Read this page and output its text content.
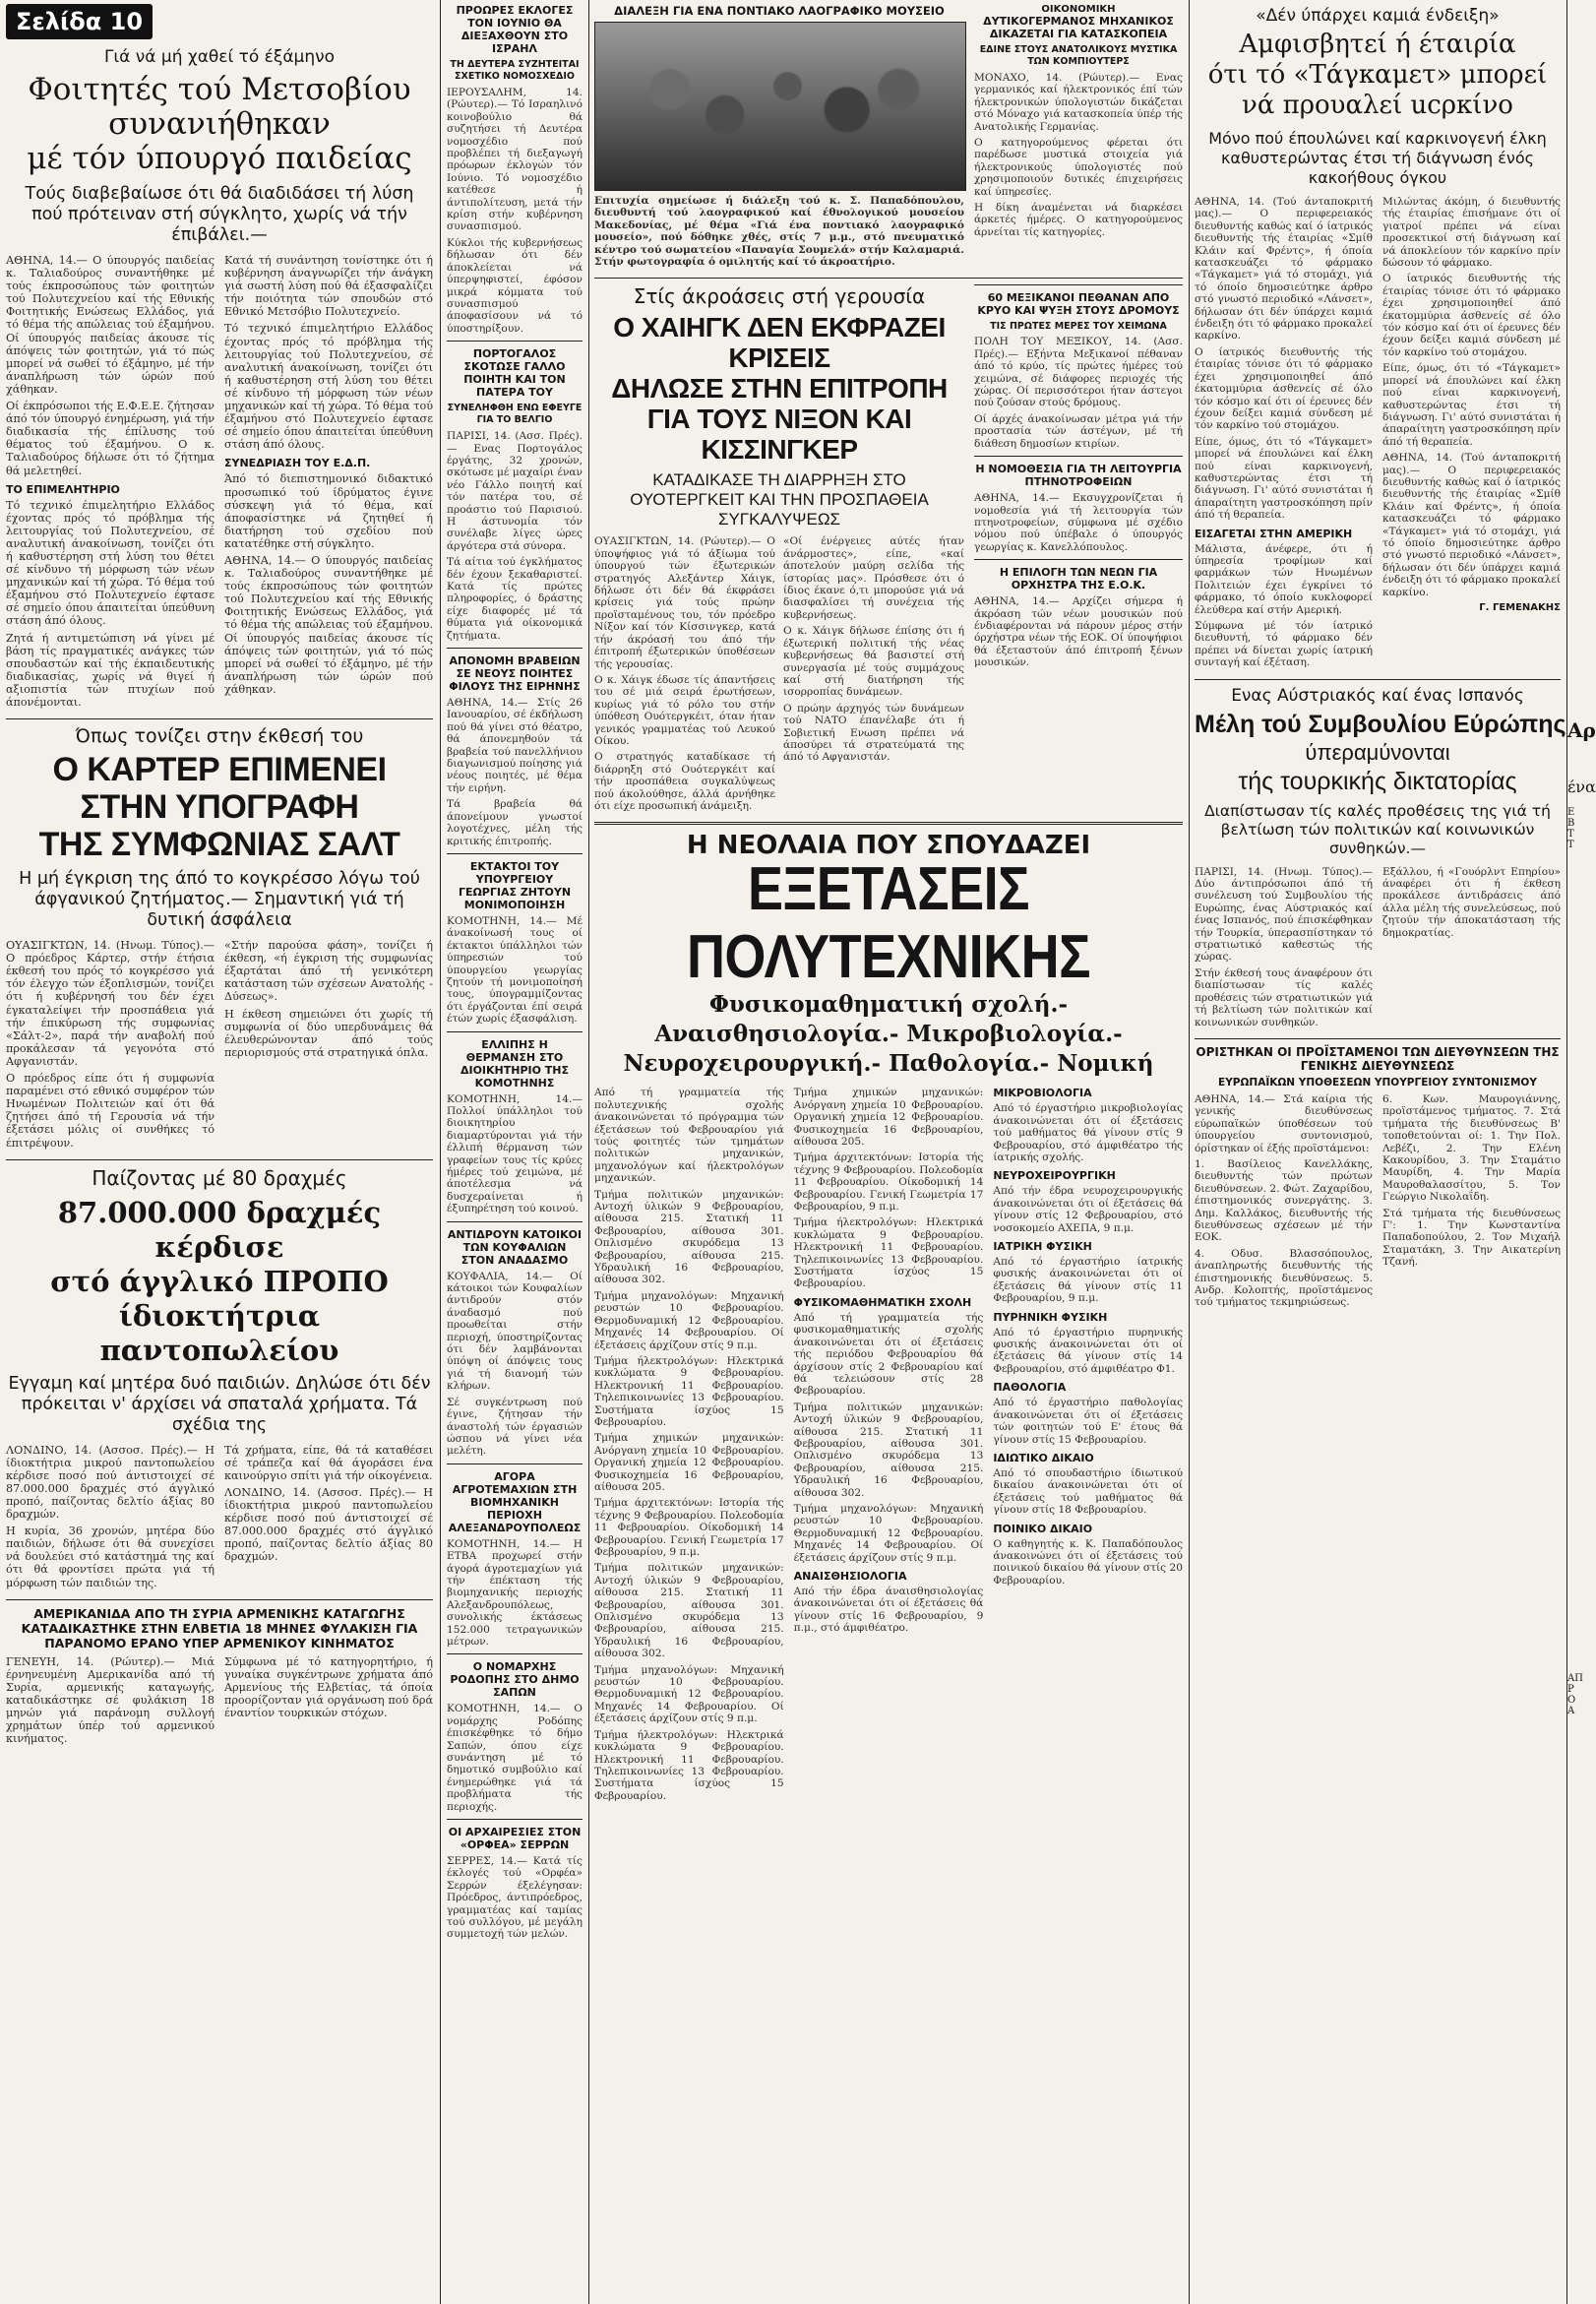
Σελίδα 10
Γιά νά μή χαθεί τό έξάμηνο
Φοιτητές τού Μετσοβίου
συνανιήθηκαν
μέ τόν ύπουργό παιδείας
Τούς διαβεβαίωσε ότι θά διαδιδάσει τή λύση πού πρότειναν στή σύγκλητο, χωρίς νά τήν έπιβάλει.—

ΑΘΗΝΑ, 14.— Ο ύπουργός παιδείας κ. Ταλιαδούρος συναντήθηκε μέ τούς έκπροσώπους τών φοιτητών τού Πολυτεχνείου καί τής Εθνικής Φοιτητικής Ενώσεως Ελλάδος, γιά τό θέμα τής απώλειας τού έξαμήνου. Οί ύπουργός παιδείας άκουσε τίς άπόψεις τών φοιτητών, γιά τό πώς μπορεί νά σωθεί τό έξάμηνο, μέ τήν άναπλήρωση τών ώρών πού χάθηκαν.

Οί έκπρόσωποι τής Ε.Φ.Ε.Ε. ζήτησαν άπό τόν ύπουργό ένημέρωση, γιά τήν διαδικασία τής έπίλυσης τού θέματος τού έξαμήνου. Ο κ. Ταλιαδούρος δήλωσε ότι τό ζήτημα θά μελετηθεί.

ΤΟ ΕΠΙΜΕΛΗΤΗΡΙΟ

Τό τεχνικό έπιμελητήριο Ελλάδος έχοντας πρός τό πρόβλημα τής λειτουργίας τού Πολυτεχνείου, σέ αναλυτική άνακοίνωση, τονίζει ότι ή καθυστέρηση στή λύση του θέτει σέ κίνδυνο τή μόρφωση τών νέων μηχανικών καί τή χώρα. Τό θέμα τού έξαμήνου στό Πολυτεχνείο έφτασε σέ σημείο όπου άπαιτείται ύπεύθυνη στάση άπό όλους.

Ζητά ή αντιμετώπιση νά γίνει μέ βάση τίς πραγματικές ανάγκες τών σπουδαστών καί τής έκπαιδευτικής διαδικασίας, χωρίς νά θιγεί ή αξιοπιστία τών πτυχίων πού άπονέμονται.

Κατά τή συνάντηση τονίστηκε ότι ή κυβέρνηση άναγνωρίζει τήν άνάγκη γιά σωστή λύση πού θά έξασφαλίζει τήν ποιότητα τών σπουδών στό Εθνικό Μετσόβιο Πολυτεχνείο.

Τό τεχνικό έπιμελητήριο Ελλάδος έχοντας πρός τό πρόβλημα τής λειτουργίας τού Πολυτεχνείου, σέ αναλυτική άνακοίνωση, τονίζει ότι ή καθυστέρηση στή λύση του θέτει σέ κίνδυνο τή μόρφωση τών νέων μηχανικών καί τή χώρα. Τό θέμα τού έξαμήνου στό Πολυτεχνείο έφτασε σέ σημείο όπου άπαιτείται ύπεύθυνη στάση άπό όλους.

ΣΥΝΕΔΡΙΑΣΗ ΤΟΥ Ε.Δ.Π.

Άπό τό διεπιστημονικό διδακτικό προσωπικό τού ίδρύματος έγινε σύσκεψη γιά τό θέμα, καί άποφασίστηκε νά ζητηθεί ή διατήρηση τού σχεδίου πού κατατέθηκε στή σύγκλητο.

ΑΘΗΝΑ, 14.— Ο ύπουργός παιδείας κ. Ταλιαδούρος συναντήθηκε μέ τούς έκπροσώπους τών φοιτητών τού Πολυτεχνείου καί τής Εθνικής Φοιτητικής Ενώσεως Ελλάδος, γιά τό θέμα τής απώλειας τού έξαμήνου. Οί ύπουργός παιδείας άκουσε τίς άπόψεις τών φοιτητών, γιά τό πώς μπορεί νά σωθεί τό έξάμηνο, μέ τήν άναπλήρωση τών ώρών πού χάθηκαν.

Όπως τονίζει στην έκθεσή του
Ο ΚΑΡΤΕΡ ΕΠΙΜΕΝΕΙ
ΣΤΗΝ ΥΠΟΓΡΑΦΗ
ΤΗΣ ΣΥΜΦΩΝΙΑΣ ΣΑΛΤ
Η μή έγκριση της άπό το κογκρέσσο λόγω τού άφγανικού ζητήματος.— Σημαντική γιά τή δυτική άσφάλεια

ΟΥΑΣΙΓΚΤΩΝ, 14. (Ηνωμ. Τύπος).— Ο πρόεδρος Κάρτερ, στήν έτήσια έκθεσή του πρός τό κογκρέσσο γιά τόν έλεγχο τών έξοπλισμών, τονίζει ότι ή κυβέρνησή του δέν έχει έγκαταλείψει τήν προσπάθεια γιά τήν έπικύρωση τής συμφωνίας «Σάλτ-2», παρά τήν αναβολή πού προκάλεσαν τά γεγονότα στό Αφγανιστάν.

Ο πρόεδρος είπε ότι ή συμφωνία παραμένει στό εθνικό συμφέρον τών Ηνωμένων Πολιτειών καί ότι θά ζητήσει άπό τή Γερουσία νά τήν έξετάσει μόλις οί συνθήκες τό έπιτρέψουν.

«Στήν παρούσα φάση», τονίζει ή έκθεση, «ή έγκριση τής συμφωνίας έξαρτάται άπό τή γενικότερη κατάσταση τών σχέσεων Ανατολής - Δύσεως».

Η έκθεση σημειώνει ότι χωρίς τή συμφωνία οί δύο υπερδυνάμεις θά έλευθερώνονταν άπό τούς περιορισμούς στά στρατηγικά όπλα.

Παίζοντας μέ 80 δραχμές
87.000.000 δραχμές κέρδισε
στό άγγλικό ΠΡΟΠΟ
ίδιοκτήτρια παντοπωλείου
Εγγαμη καί μητέρα δυό παιδιών. Δηλώσε ότι δέν πρόκειται ν' άρχίσει νά σπαταλά χρήματα. Τά σχέδια της

ΛΟΝΔΙΝΟ, 14. (Ασσοσ. Πρές).— Η ίδιοκτήτρια μικρού παντοπωλείου κέρδισε ποσό πού άντιστοιχεί σέ 87.000.000 δραχμές στό άγγλικό προπό, παίζοντας δελτίο άξίας 80 δραχμών.

Η κυρία, 36 χρονών, μητέρα δύο παιδιών, δήλωσε ότι θά συνεχίσει νά δουλεύει στό κατάστημά της καί ότι θά φροντίσει πρώτα γιά τή μόρφωση τών παιδιών της.

Τά χρήματα, είπε, θά τά καταθέσει σέ τράπεζα καί θά άγοράσει ένα καινούργιο σπίτι γιά τήν οίκογένεια.

ΛΟΝΔΙΝΟ, 14. (Ασσοσ. Πρές).— Η ίδιοκτήτρια μικρού παντοπωλείου κέρδισε ποσό πού άντιστοιχεί σέ 87.000.000 δραχμές στό άγγλικό προπό, παίζοντας δελτίο άξίας 80 δραχμών.

ΑΜΕΡΙΚΑΝΙΔΑ ΑΠΟ ΤΗ ΣΥΡΙΑ ΑΡΜΕΝΙΚΗΣ ΚΑΤΑΓΩΓΗΣ ΚΑΤΑΔΙΚΑΣΤΗΚΕ ΣΤΗΝ ΕΛΒΕΤΙΑ 18 ΜΗΝΕΣ ΦΥΛΑΚΙΣΗ ΓΙΑ ΠΑΡΑΝΟΜΟ ΕΡΑΝΟ ΥΠΕΡ ΑΡΜΕΝΙΚΟΥ ΚΙΝΗΜΑΤΟΣ

ΓΕΝΕΥΗ, 14. (Ρώυτερ).— Μιά έρνηνευμένη Αμερικανίδα από τή Συρία, αρμενικής καταγωγής, καταδικάστηκε σέ φυλάκιση 18 μηνών γιά παράνομη συλλογή χρημάτων ύπέρ τού αρμενικού κινήματος.

Σύμφωνα μέ τό κατηγορητήριο, ή γυναίκα συγκέντρωνε χρήματα άπό Αρμενίους τής Ελβετίας, τά όποία προορίζονταν γιά οργάνωση πού δρά έναντίον τουρκικών στόχων.

ΠΡΟΩΡΕΣ ΕΚΛΟΓΕΣ ΤΟΝ ΙΟΥΝΙΟ ΘΑ ΔΙΕΞΑΧΘΟΥΝ ΣΤΟ ΙΣΡΑΗΛ
ΤΗ ΔΕΥΤΕΡΑ ΣΥΖΗΤΕΙΤΑΙ ΣΧΕΤΙΚΟ ΝΟΜΟΣΧΕΔΙΟ

ΙΕΡΟΥΣΑΛΗΜ, 14. (Ρώυτερ).— Τό Ισραηλινό κοινοβούλιο θά συζητήσει τή Δευτέρα νομοσχέδιο πού προβλέπει τή διεξαγωγή πρόωρων έκλογών τόν Ιούνιο. Τό νομοσχέδιο κατέθεσε ή άντιπολίτευση, μετά τήν κρίση στήν κυβέρνηση συνασπισμού.

Κύκλοι τής κυβερνήσεως δήλωσαν ότι δέν άποκλείεται νά ύπερψηφιστεί, έφόσον μικρά κόμματα τού συνασπισμού άποφασίσουν νά τό ύποστηρίξουν.

ΠΟΡΤΟΓΑΛΟΣ ΣΚΟΤΩΣΕ ΓΑΛΛΟ ΠΟΙΗΤΗ ΚΑΙ ΤΟΝ ΠΑΤΕΡΑ ΤΟΥ
ΣΥΝΕΛΗΦΘΗ ΕΝΩ ΕΦΕΥΓΕ ΓΙΑ ΤΟ ΒΕΛΓΙΟ

ΠΑΡΙΣΙ, 14. (Ασσ. Πρές).— Ενας Πορτογάλος έργάτης, 32 χρονών, σκότωσε μέ μαχαίρι έναν νέο Γάλλο ποιητή καί τόν πατέρα του, σέ προάστιο τού Παρισιού. Η άστυνομία τόν συνέλαβε λίγες ώρες άργότερα στά σύνορα.

Τά αίτια τού έγκλήματος δέν έχουν ξεκαθαριστεί. Κατά τίς πρώτες πληροφορίες, ό δράστης είχε διαφορές μέ τά θύματα γιά οίκονομικά ζητήματα.

ΑΠΟΝΟΜΗ ΒΡΑΒΕΙΩΝ ΣΕ ΝΕΟΥΣ ΠΟΙΗΤΕΣ ΦΙΛΟΥΣ ΤΗΣ ΕΙΡΗΝΗΣ

ΑΘΗΝΑ, 14.— Στίς 26 Ιανουαρίου, σέ έκδήλωση πού θά γίνει στό θέατρο, θά άπονεμηθούν τά βραβεία τού πανελλήνιου διαγωνισμού ποίησης γιά νέους ποιητές, μέ θέμα τήν ειρήνη.

Τά βραβεία θά άπονείμουν γνωστοί λογοτέχνες, μέλη τής κριτικής έπιτροπής.

ΕΚΤΑΚΤΟΙ ΤΟΥ ΥΠΟΥΡΓΕΙΟΥ ΓΕΩΡΓΙΑΣ ΖΗΤΟΥΝ ΜΟΝΙΜΟΠΟΙΗΣΗ

ΚΟΜΟΤΗΝΗ, 14.— Μέ άνακοίνωσή τους οί έκτακτοι ύπάλληλοι τών ύπηρεσιών τού ύπουργείου γεωργίας ζητούν τή μονιμοποίησή τους, ύπογραμμίζοντας ότι έργάζονται έπί σειρά έτών χωρίς έξασφάλιση.

ΕΛΛΙΠΗΣ Η ΘΕΡΜΑΝΣΗ ΣΤΟ ΔΙΟΙΚΗΤΗΡΙΟ ΤΗΣ ΚΟΜΟΤΗΝΗΣ

ΚΟΜΟΤΗΝΗ, 14.— Πολλοί ύπάλληλοι τού διοικητηρίου διαμαρτύρονται γιά τήν έλλιπή θέρμανση τών γραφείων τους τίς κρύες ήμέρες τού χειμώνα, μέ άποτέλεσμα νά δυσχεραίνεται ή έξυπηρέτηση τού κοινού.

ΑΝΤΙΔΡΟΥΝ ΚΑΤΟΙΚΟΙ ΤΩΝ ΚΟΥΦΑΛΙΩΝ ΣΤΟΝ ΑΝΑΔΑΣΜΟ

ΚΟΥΦΑΛΙΑ, 14.— Οί κάτοικοι τών Κουφαλίων άντιδρούν στόν άναδασμό πού προωθείται στήν περιοχή, ύποστηρίζοντας ότι δέν λαμβάνονται ύπόψη οί άπόψεις τους γιά τή διανομή τών κλήρων.

Σέ συγκέντρωση πού έγινε, ζήτησαν τήν άναστολή τών έργασιών ώσπου νά γίνει νέα μελέτη.

ΑΓΟΡΑ ΑΓΡΟΤΕΜΑΧΙΩΝ ΣΤΗ ΒΙΟΜΗΧΑΝΙΚΗ ΠΕΡΙΟΧΗ ΑΛΕΞΑΝΔΡΟΥΠΟΛΕΩΣ

ΚΟΜΟΤΗΝΗ, 14.— Η ΕΤΒΑ προχωρεί στήν άγορά άγροτεμαχίων γιά τήν έπέκταση τής βιομηχανικής περιοχής Αλεξανδρουπόλεως, συνολικής έκτάσεως 152.000 τετραγωνικών μέτρων.

Ο ΝΟΜΑΡΧΗΣ ΡΟΔΟΠΗΣ ΣΤΟ ΔΗΜΟ ΣΑΠΩΝ

ΚΟΜΟΤΗΝΗ, 14.— Ο νομάρχης Ροδόπης έπισκέφθηκε τό δήμο Σαπών, όπου είχε συνάντηση μέ τό δημοτικό συμβούλιο καί ένημερώθηκε γιά τά προβλήματα τής περιοχής.

ΟΙ ΑΡΧΑΙΡΕΣΙΕΣ ΣΤΟΝ «ΟΡΦΕΑ» ΣΕΡΡΩΝ

ΣΕΡΡΕΣ, 14.— Κατά τίς έκλογές τού «Ορφέα» Σερρών έξελέγησαν: Πρόεδρος, άντιπρόεδρος, γραμματέας καί ταμίας τού συλλόγου, μέ μεγάλη συμμετοχή τών μελών.

ΔΙΑΛΕΞΗ ΓΙΑ ΕΝΑ ΠΟΝΤΙΑΚΟ ΛΑΟΓΡΑΦΙΚΟ ΜΟΥΣΕΙΟ

Επιτυχία σημείωσε ή διάλεξη τού κ. Σ. Παπαδόπουλου, διευθυντή τού λαογραφικού καί έθνολογικού μουσείου Μακεδονίας, μέ θέμα «Γιά ένα ποντιακό λαογραφικό μουσείο», πού δόθηκε χθές, στίς 7 μ.μ., στό πνευματικό κέντρο τού σωματείου «Παναγία Σουμελά» στήν Καλαμαριά. Στήν φωτογραφία ό ομιλητής καί τό άκροατήριο.

ΟΙΚΟΝΟΜΙΚΗ
ΔΥΤΙΚΟΓΕΡΜΑΝΟΣ ΜΗΧΑΝΙΚΟΣ ΔΙΚΑΖΕΤΑΙ ΓΙΑ ΚΑΤΑΣΚΟΠΕΙΑ
ΕΔΙΝΕ ΣΤΟΥΣ ΑΝΑΤΟΛΙΚΟΥΣ ΜΥΣΤΙΚΑ ΤΩΝ ΚΟΜΠΙΟΥΤΕΡΣ

ΜΟΝΑΧΟ, 14. (Ρώυτερ).— Ενας γερμανικός καί ήλεκτρονικός έπί τών ήλεκτρονικών ύπολογιστών δικάζεται στό Μόναχο γιά κατασκοπεία ύπέρ τής Ανατολικής Γερμανίας.

Ο κατηγορούμενος φέρεται ότι παρέδωσε μυστικά στοιχεία γιά ήλεκτρονικούς ύπολογιστές πού χρησιμοποιούν δυτικές έπιχειρήσεις καί ύπηρεσίες.

Η δίκη άναμένεται νά διαρκέσει άρκετές ήμέρες. Ο κατηγορούμενος άρνείται τίς κατηγορίες.

Στίς άκροάσεις στή γερουσία
Ο ΧΑΙΗΓΚ ΔΕΝ ΕΚΦΡΑΖΕΙ ΚΡΙΣΕΙΣ
ΔΗΛΩΣΕ ΣΤΗΝ ΕΠΙΤΡΟΠΗ
ΓΙΑ ΤΟΥΣ ΝΙΞΟΝ ΚΑΙ ΚΙΣΣΙΝΓΚΕΡ
ΚΑΤΑΔΙΚΑΣΕ ΤΗ ΔΙΑΡΡΗΞΗ ΣΤΟ ΟΥΟΤΕΡΓΚΕΙΤ ΚΑΙ ΤΗΝ ΠΡΟΣΠΑΘΕΙΑ ΣΥΓΚΑΛΥΨΕΩΣ

ΟΥΑΣΙΓΚΤΩΝ, 14. (Ρώυτερ).— Ο ύποψήφιος γιά τό άξίωμα τού ύπουργού τών έξωτερικών στρατηγός Αλεξάντερ Χάιγκ, δήλωσε ότι δέν θά έκφράσει κρίσεις γιά τούς πρώην προϊσταμένους του, τόν πρόεδρο Νίξον καί τόν Κίσσινγκερ, κατά τήν άκρόασή του άπό τήν έπιτροπή έξωτερικών ύποθέσεων τής γερουσίας.

Ο κ. Χάιγκ έδωσε τίς άπαντήσεις του σέ μιά σειρά έρωτήσεων, κυρίως γιά τό ρόλο του στήν ύπόθεση Ουότεργκέιτ, όταν ήταν γενικός γραμματέας τού Λευκού Οίκου.

Ο στρατηγός καταδίκασε τή διάρρηξη στό Ουότεργκέιτ καί τήν προσπάθεια συγκαλύψεως πού άκολούθησε, άλλά άρνήθηκε ότι είχε προσωπική άνάμειξη.

«Οί ένέργειες αύτές ήταν άνάρμοστες», είπε, «καί άποτελούν μαύρη σελίδα τής ίστορίας μας». Πρόσθεσε ότι ό ίδιος έκανε ό,τι μπορούσε γιά νά διασφαλίσει τή συνέχεια τής κυβερνήσεως.

Ο κ. Χάιγκ δήλωσε έπίσης ότι ή έξωτερική πολιτική τής νέας κυβερνήσεως θά βασιστεί στή συνεργασία μέ τούς συμμάχους καί στή διατήρηση τής ισορροπίας δυνάμεων.

Ο πρώην άρχηγός τών δυνάμεων τού ΝΑΤΟ έπανέλαβε ότι ή Σοβιετική Ενωση πρέπει νά άποσύρει τά στρατεύματά της άπό τό Αφγανιστάν.

60 ΜΕΞΙΚΑΝΟΙ ΠΕΘΑΝΑΝ ΑΠΟ ΚΡΥΟ ΚΑΙ ΨΥΞΗ ΣΤΟΥΣ ΔΡΟΜΟΥΣ
ΤΙΣ ΠΡΩΤΕΣ ΜΕΡΕΣ ΤΟΥ ΧΕΙΜΩΝΑ

ΠΟΛΗ ΤΟΥ ΜΕΞΙΚΟΥ, 14. (Ασσ. Πρές).— Εξήντα Μεξικανοί πέθαναν άπό τό κρύο, τίς πρώτες ήμέρες τού χειμώνα, σέ διάφορες περιοχές τής χώρας. Οί περισσότεροι ήταν άστεγοι πού ζούσαν στούς δρόμους.

Οί άρχές άνακοίνωσαν μέτρα γιά τήν προστασία τών άστέγων, μέ τή διάθεση δημοσίων κτιρίων.

Η ΝΟΜΟΘΕΣΙΑ ΓΙΑ ΤΗ ΛΕΙΤΟΥΡΓΙΑ ΠΤΗΝΟΤΡΟΦΕΙΩΝ

ΑΘΗΝΑ, 14.— Εκσυγχρονίζεται ή νομοθεσία γιά τή λειτουργία τών πτηνοτροφείων, σύμφωνα μέ σχέδιο νόμου πού ύπέβαλε ό ύπουργός γεωργίας κ. Κανελλόπουλος.

Η ΕΠΙΛΟΓΗ ΤΩΝ ΝΕΩΝ ΓΙΑ ΟΡΧΗΣΤΡΑ ΤΗΣ Ε.Ο.Κ.

ΑΘΗΝΑ, 14.— Αρχίζει σήμερα ή άκρόαση τών νέων μουσικών πού ένδιαφέρονται νά πάρουν μέρος στήν όρχήστρα νέων τής ΕΟΚ. Οί ύποψήφιοι θά έξεταστούν άπό έπιτροπή ξένων μουσικών.

Η ΝΕΟΛΑΙΑ ΠΟΥ ΣΠΟΥΔΑΖΕΙ
ΕΞΕΤΑΣΕΙΣ ΠΟΛΥΤΕΧΝΙΚΗΣ
Φυσικομαθηματική σχολή.- Αναισθησιολογία.- Μικροβιολογία.- Νευροχειρουργική.- Παθολογία.- Νομική

Από τή γραμματεία τής πολυτεχνικής σχολής άνακοινώνεται τό πρόγραμμα τών έξετάσεων τού Φεβρουαρίου γιά τούς φοιτητές τών τμημάτων πολιτικών μηχανικών, μηχανολόγων καί ήλεκτρολόγων μηχανικών.

Τμήμα πολιτικών μηχανικών: Αντοχή ύλικών 9 Φεβρουαρίου, αίθουσα 215. Στατική 11 Φεβρουαρίου, αίθουσα 301. Οπλισμένο σκυρόδεμα 13 Φεβρουαρίου, αίθουσα 215. Υδραυλική 16 Φεβρουαρίου, αίθουσα 302.

Τμήμα μηχανολόγων: Μηχανική ρευστών 10 Φεβρουαρίου. Θερμοδυναμική 12 Φεβρουαρίου. Μηχανές 14 Φεβρουαρίου. Οί έξετάσεις άρχίζουν στίς 9 π.μ.

Τμήμα ήλεκτρολόγων: Ηλεκτρικά κυκλώματα 9 Φεβρουαρίου. Ηλεκτρονική 11 Φεβρουαρίου. Τηλεπικοινωνίες 13 Φεβρουαρίου. Συστήματα ίσχύος 15 Φεβρουαρίου.

Τμήμα χημικών μηχανικών: Ανόργανη χημεία 10 Φεβρουαρίου. Οργανική χημεία 12 Φεβρουαρίου. Φυσικοχημεία 16 Φεβρουαρίου, αίθουσα 205.

Τμήμα άρχιτεκτόνων: Ιστορία τής τέχνης 9 Φεβρουαρίου. Πολεοδομία 11 Φεβρουαρίου. Οίκοδομική 14 Φεβρουαρίου. Γενική Γεωμετρία 17 Φεβρουαρίου, 9 π.μ.

Τμήμα πολιτικών μηχανικών: Αντοχή ύλικών 9 Φεβρουαρίου, αίθουσα 215. Στατική 11 Φεβρουαρίου, αίθουσα 301. Οπλισμένο σκυρόδεμα 13 Φεβρουαρίου, αίθουσα 215. Υδραυλική 16 Φεβρουαρίου, αίθουσα 302.

Τμήμα μηχανολόγων: Μηχανική ρευστών 10 Φεβρουαρίου. Θερμοδυναμική 12 Φεβρουαρίου. Μηχανές 14 Φεβρουαρίου. Οί έξετάσεις άρχίζουν στίς 9 π.μ.

Τμήμα ήλεκτρολόγων: Ηλεκτρικά κυκλώματα 9 Φεβρουαρίου. Ηλεκτρονική 11 Φεβρουαρίου. Τηλεπικοινωνίες 13 Φεβρουαρίου. Συστήματα ίσχύος 15 Φεβρουαρίου.

Τμήμα χημικών μηχανικών: Ανόργανη χημεία 10 Φεβρουαρίου. Οργανική χημεία 12 Φεβρουαρίου. Φυσικοχημεία 16 Φεβρουαρίου, αίθουσα 205.

Τμήμα άρχιτεκτόνων: Ιστορία τής τέχνης 9 Φεβρουαρίου. Πολεοδομία 11 Φεβρουαρίου. Οίκοδομική 14 Φεβρουαρίου. Γενική Γεωμετρία 17 Φεβρουαρίου, 9 π.μ.

Τμήμα ήλεκτρολόγων: Ηλεκτρικά κυκλώματα 9 Φεβρουαρίου. Ηλεκτρονική 11 Φεβρουαρίου. Τηλεπικοινωνίες 13 Φεβρουαρίου. Συστήματα ίσχύος 15 Φεβρουαρίου.

ΦΥΣΙΚΟΜΑΘΗΜΑΤΙΚΗ ΣΧΟΛΗ

Από τή γραμματεία τής φυσικομαθηματικής σχολής άνακοινώνεται ότι οί έξετάσεις τής περιόδου Φεβρουαρίου θά άρχίσουν στίς 2 Φεβρουαρίου καί θά τελειώσουν στίς 28 Φεβρουαρίου.

Τμήμα πολιτικών μηχανικών: Αντοχή ύλικών 9 Φεβρουαρίου, αίθουσα 215. Στατική 11 Φεβρουαρίου, αίθουσα 301. Οπλισμένο σκυρόδεμα 13 Φεβρουαρίου, αίθουσα 215. Υδραυλική 16 Φεβρουαρίου, αίθουσα 302.

Τμήμα μηχανολόγων: Μηχανική ρευστών 10 Φεβρουαρίου. Θερμοδυναμική 12 Φεβρουαρίου. Μηχανές 14 Φεβρουαρίου. Οί έξετάσεις άρχίζουν στίς 9 π.μ.

ΑΝΑΙΣΘΗΣΙΟΛΟΓΙΑ

Από τήν έδρα άναισθησιολογίας άνακοινώνεται ότι οί έξετάσεις θά γίνουν στίς 16 Φεβρουαρίου, 9 π.μ., στό άμφιθέατρο.

ΜΙΚΡΟΒΙΟΛΟΓΙΑ

Από τό έργαστήριο μικροβιολογίας άνακοινώνεται ότι οί έξετάσεις τού μαθήματος θά γίνουν στίς 9 Φεβρουαρίου, στό άμφιθέατρο τής ίατρικής σχολής.

ΝΕΥΡΟΧΕΙΡΟΥΡΓΙΚΗ

Από τήν έδρα νευροχειρουργικής άνακοινώνεται ότι οί έξετάσεις θά γίνουν στίς 12 Φεβρουαρίου, στό νοσοκομείο ΑΧΕΠΑ, 9 π.μ.

ΙΑΤΡΙΚΗ ΦΥΣΙΚΗ

Από τό έργαστήριο ίατρικής φυσικής άνακοινώνεται ότι οί έξετάσεις θά γίνουν στίς 11 Φεβρουαρίου, 9 π.μ.

ΠΥΡΗΝΙΚΗ ΦΥΣΙΚΗ

Από τό έργαστήριο πυρηνικής φυσικής άνακοινώνεται ότι οί έξετάσεις θά γίνουν στίς 14 Φεβρουαρίου, στό άμφιθέατρο Φ1.

ΠΑΘΟΛΟΓΙΑ

Από τό έργαστήριο παθολογίας άνακοινώνεται ότι οί έξετάσεις τών φοιτητών τού Ε' έτους θά γίνουν στίς 15 Φεβρουαρίου.

ΙΔΙΩΤΙΚΟ ΔΙΚΑΙΟ

Από τό σπουδαστήριο ίδιωτικού δικαίου άνακοινώνεται ότι οί έξετάσεις τού μαθήματος θά γίνουν στίς 18 Φεβρουαρίου.

ΠΟΙΝΙΚΟ ΔΙΚΑΙΟ

Ο καθηγητής κ. Κ. Παπαδόπουλος άνακοινώνει ότι οί έξετάσεις τού ποινικού δικαίου θά γίνουν στίς 20 Φεβρουαρίου.

«Δέν ύπάρχει καμιά ένδειξη»
Αμφισβητεί ή έταιρία
ότι τό «Τάγκαμετ» μπορεί
νά προυαλεί ucρκίνο
Μόνο πού έπουλώνει καί καρκινογενή έλκη καθυστερώντας έτσι τή διάγνωση ένός κακοήθους όγκου

ΑΘΗΝΑ, 14. (Τού άνταποκριτή μας).— Ο περιφερειακός διευθυντής καθώς καί ό ίατρικός διευθυντής τής έταιρίας «Σμίθ Κλάιν καί Φρέντς», ή όποία κατασκευάζει τό φάρμακο «Τάγκαμετ» γιά τό στομάχι, γιά τό όποίο δημοσιεύτηκε άρθρο στό γνωστό περιοδικό «Λάνσετ», δήλωσαν ότι δέν ύπάρχει καμιά ένδειξη ότι τό φάρμακο προκαλεί καρκίνο.

Ο ίατρικός διευθυντής τής έταιρίας τόνισε ότι τό φάρμακο έχει χρησιμοποιηθεί άπό έκατομμύρια άσθενείς σέ όλο τόν κόσμο καί ότι οί έρευνες δέν έχουν δείξει καμιά σύνδεση μέ τόν καρκίνο τού στομάχου.

Είπε, όμως, ότι τό «Τάγκαμετ» μπορεί νά έπουλώνει καί έλκη πού είναι καρκινογενή, καθυστερώντας έτσι τή διάγνωση. Γι' αύτό συνιστάται ή άπαραίτητη γαστροσκόπηση πρίν άπό τή θεραπεία.

ΕΙΣΑΓΕΤΑΙ ΣΤΗΝ ΑΜΕΡΙΚΗ

Μάλιστα, άνέφερε, ότι ή ύπηρεσία τροφίμων καί φαρμάκων τών Ηνωμένων Πολιτειών έχει έγκρίνει τό φάρμακο, τό όποίο κυκλοφορεί έλεύθερα καί στήν Αμερική.

Σύμφωνα μέ τόν ίατρικό διευθυντή, τό φάρμακο δέν πρέπει νά δίνεται χωρίς ίατρική συνταγή καί έξέταση.

Μιλώντας άκόμη, ό διευθυντής τής έταιρίας έπισήμανε ότι οί γιατροί πρέπει νά είναι προσεκτικοί στή διάγνωση καί νά άποκλείουν τόν καρκίνο πρίν δώσουν τό φάρμακο.

Ο ίατρικός διευθυντής τής έταιρίας τόνισε ότι τό φάρμακο έχει χρησιμοποιηθεί άπό έκατομμύρια άσθενείς σέ όλο τόν κόσμο καί ότι οί έρευνες δέν έχουν δείξει καμιά σύνδεση μέ τόν καρκίνο τού στομάχου.

Είπε, όμως, ότι τό «Τάγκαμετ» μπορεί νά έπουλώνει καί έλκη πού είναι καρκινογενή, καθυστερώντας έτσι τή διάγνωση. Γι' αύτό συνιστάται ή άπαραίτητη γαστροσκόπηση πρίν άπό τή θεραπεία.

ΑΘΗΝΑ, 14. (Τού άνταποκριτή μας).— Ο περιφερειακός διευθυντής καθώς καί ό ίατρικός διευθυντής τής έταιρίας «Σμίθ Κλάιν καί Φρέντς», ή όποία κατασκευάζει τό φάρμακο «Τάγκαμετ» γιά τό στομάχι, γιά τό όποίο δημοσιεύτηκε άρθρο στό γνωστό περιοδικό «Λάνσετ», δήλωσαν ότι δέν ύπάρχει καμιά ένδειξη ότι τό φάρμακο προκαλεί καρκίνο.

Γ. ΓΕΜΕΝΑΚΗΣ
Ενας Αύστριακός καί ένας Ισπανός
Μέλη τού Συμβουλίου Εύρώπης
ύπεραμύνονται
τής τουρκικής δικτατορίας
Διαπίστωσαν τίς καλές προθέσεις της γιά τή βελτίωση τών πολιτικών καί κοινωνικών συνθηκών.—

ΠΑΡΙΣΙ, 14. (Ηνωμ. Τύπος).— Δύο άντιπρόσωποι άπό τή συνέλευση τού Συμβουλίου τής Ευρώπης, ένας Αύστριακός καί ένας Ισπανός, πού έπισκέφθηκαν τήν Τουρκία, ύπερασπίστηκαν τό στρατιωτικό καθεστώς τής χώρας.

Στήν έκθεσή τους άναφέρουν ότι διαπίστωσαν τίς καλές προθέσεις τών στρατιωτικών γιά τή βελτίωση τών πολιτικών καί κοινωνικών συνθηκών.

Εξάλλου, ή «Γουόρλντ Επηρίου» άναφέρει ότι ή έκθεση προκάλεσε άντιδράσεις άπό άλλα μέλη τής συνελεύσεως, πού ζητούν τήν άποκατάσταση τής δημοκρατίας.

ΟΡΙΣΤΗΚΑΝ ΟΙ ΠΡΟΪΣΤΑΜΕΝΟΙ ΤΩΝ ΔΙΕΥΘΥΝΣΕΩΝ ΤΗΣ ΓΕΝΙΚΗΣ ΔΙΕΥΘΥΝΣΕΩΣ
ΕΥΡΩΠΑΪΚΩΝ ΥΠΟΘΕΣΕΩΝ ΥΠΟΥΡΓΕΙΟΥ ΣΥΝΤΟΝΙΣΜΟΥ

ΑΘΗΝΑ, 14.— Στά καίρια τής γενικής διευθύνσεως εύρωπαϊκών ύποθέσεων τού ύπουργείου συντονισμού, όρίστηκαν οί έξής προϊστάμενοι:

1. Βασίλειος Κανελλάκης, διευθυντής τών πρώτων διευθύνσεων. 2. Φώτ. Ζαχαρίδου, έπιστημονικός συνεργάτης. 3. Δημ. Καλλάκος, διευθυντής τής διευθύνσεως σχέσεων μέ τήν ΕΟΚ.

4. Οδυσ. Βλασσόπουλος, άναπληρωτής διευθυντής τής έπιστημονικής διευθύνσεως. 5. Ανδρ. Κολοπτής, προϊστάμενος τού τμήματος τεκμηριώσεως.

6. Κων. Μαυρογιάννης, προϊστάμενος τμήματος. 7. Στά τμήματα τής διευθύνσεως Β' τοποθετούνται οί: 1. Την Πολ. Λεβέζι, 2. Την Ελένη Κακουρίδου, 3. Την Σταμάτιο Μαυρίδη, 4. Την Μαρία Μαυροθαλασσίτου, 5. Τον Γεώργιο Νικολαΐδη.

Στά τμήματα τής διευθύνσεως Γ': 1. Την Κωνσταντίνα Παπαδοπούλου, 2. Τον Μιχαήλ Σταματάκη, 3. Την Αικατερίνη Τζανή.

Αρ
ένα
Ε Β Τ Τ
ΑΠ Ρ Ο Α
